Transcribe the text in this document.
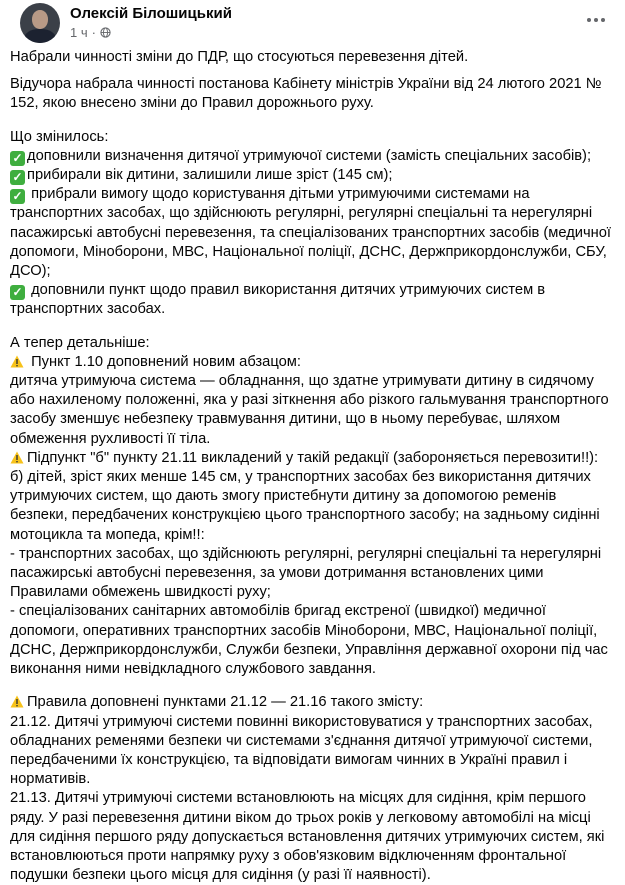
Олексій Білошицький
1 ч ·

Набрали чинності зміни до ПДР, що стосуються перевезення дітей.

Відучора набрала чинності постанова Кабінету міністрів України від 24 лютого 2021 № 152, якою внесено зміни до Правил дорожнього руху.

Що змінилось:

✓ доповнили визначення дитячої утримуючої системи (замість спеціальних засобів);

✓ прибирали вік дитини, залишили лише зріст (145 см);

✓ прибрали вимогу щодо користування дітьми утримуючими системами на транспортних засобах, що здійснюють регулярні, регулярні спеціальні та нерегулярні пасажирські автобусні перевезення, та спеціалізованих транспортних засобів (медичної допомоги, Міноборони, МВС, Національної поліції, ДСНС, Держприкордонслужби, СБУ, ДСО);

✓ доповнили пункт щодо правил використання дитячих утримуючих систем в транспортних засобах.

А тепер детальніше:

Пункт 1.10 доповнений новим абзацом:

дитяча утримуюча система — обладнання, що здатне утримувати дитину в сидячому або нахиленому положенні, яка у разі зіткнення або різкого гальмування транспортного засобу зменшує небезпеку травмування дитини, що в ньому перебуває, шляхом обмеження рухливості її тіла.

Підпункт "б" пункту 21.11 викладений у такій редакції (забороняється перевозити!!):

б) дітей, зріст яких менше 145 см, у транспортних засобах без використання дитячих утримуючих систем, що дають змогу пристебнути дитину за допомогою ременів безпеки, передбачених конструкцією цього транспортного засобу; на задньому сидінні мотоцикла та мопеда, крім!!:

- транспортних засобах, що здійснюють регулярні, регулярні спеціальні та нерегулярні пасажирські автобусні перевезення, за умови дотримання встановлених цими Правилами обмежень швидкості руху;

- спеціалізованих санітарних автомобілів бригад екстреної (швидкої) медичної допомоги, оперативних транспортних засобів Міноборони, МВС, Національної поліції, ДСНС, Держприкордонслужби, Служби безпеки, Управління державної охорони під час виконання ними невідкладного службового завдання.

Правила доповнені пунктами 21.12 — 21.16 такого змісту:

21.12. Дитячі утримуючі системи повинні використовуватися у транспортних засобах, обладнаних ременями безпеки чи системами з'єднання дитячої утримуючої системи, передбаченими їх конструкцією, та відповідати вимогам чинних в Україні правил і нормативів.

21.13. Дитячі утримуючі системи встановлюють на місцях для сидіння, крім першого ряду. У разі перевезення дитини віком до трьох років у легковому автомобілі на місці для сидіння першого ряду допускається встановлення дитячих утримуючих систем, які встановлюються проти напрямку руху з обов'язковим відключенням фронтальної подушки безпеки цього місця для сидіння (у разі її наявності).
